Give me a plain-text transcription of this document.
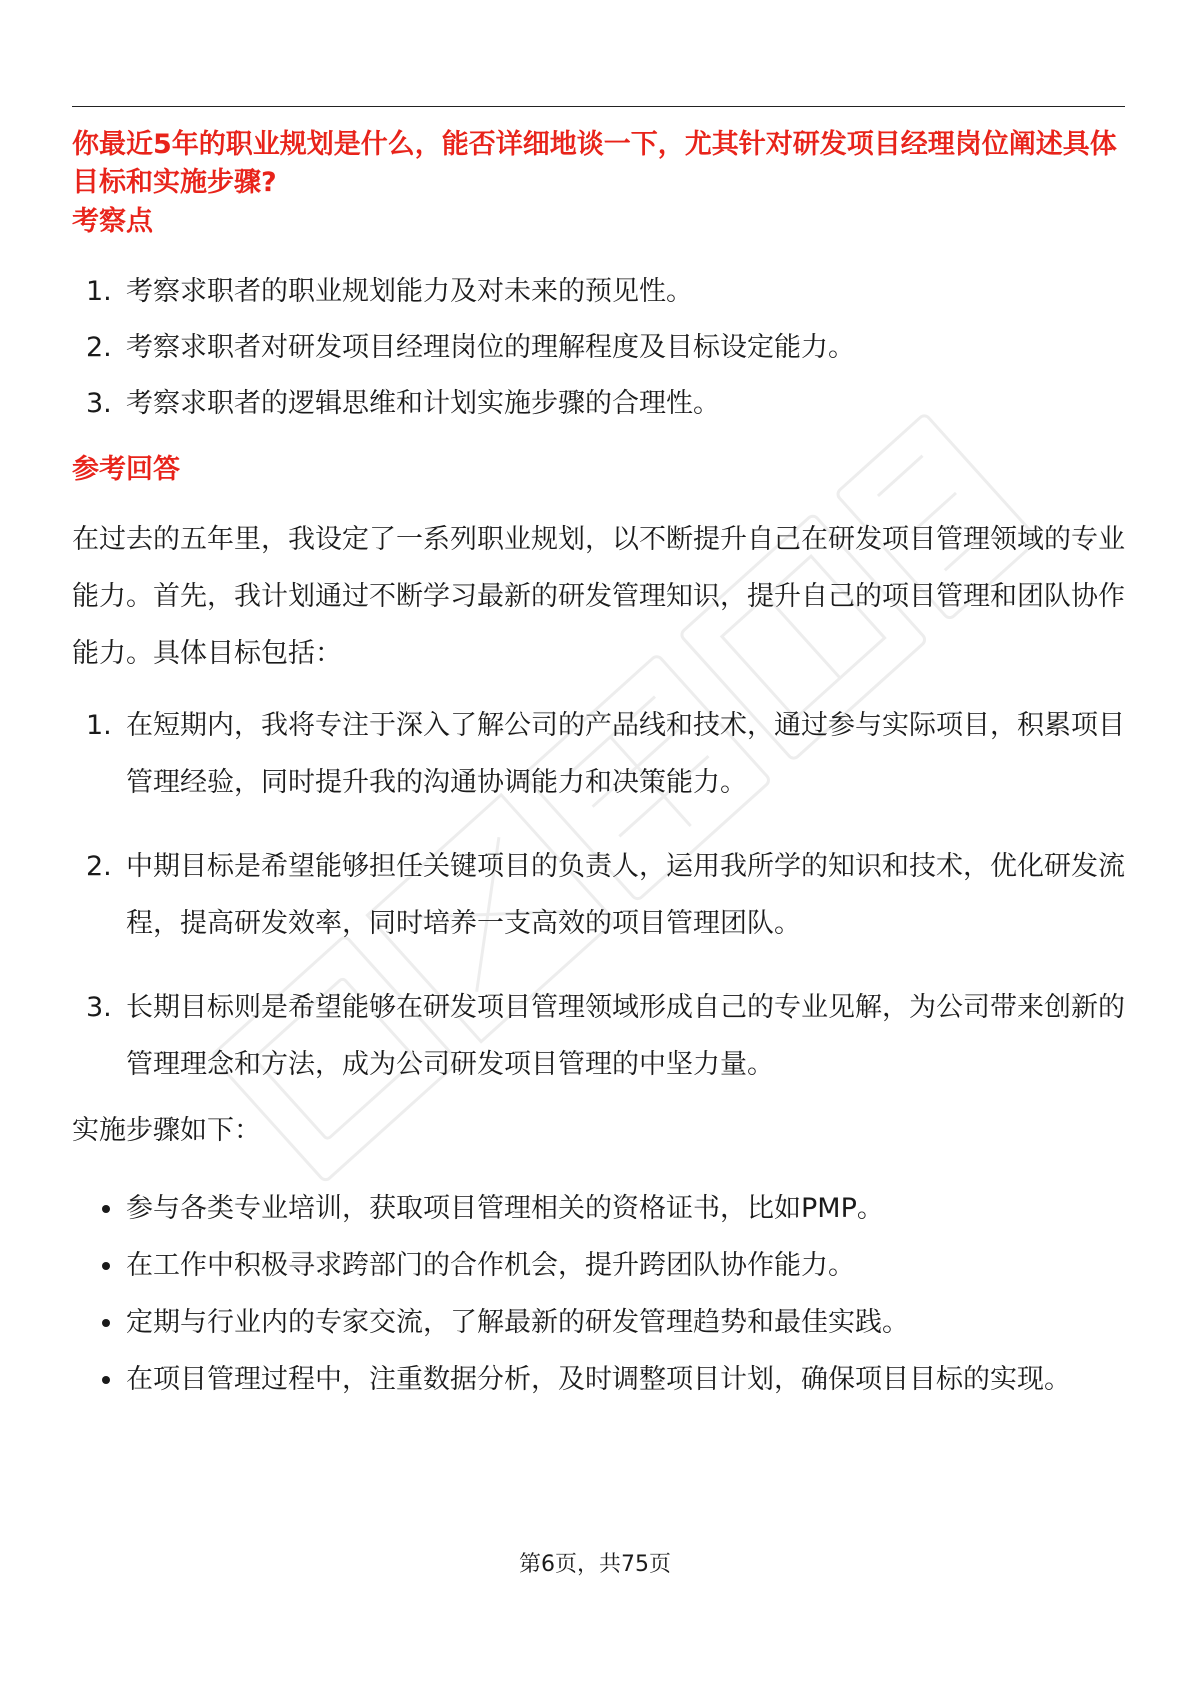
你最近5年的职业规划是什么，能否详细地谈一下，尤其针对研发项目经理岗位阐述具体目标和实施步骤?
考察点
1. 考察求职者的职业规划能力及对未来的预见性。
2. 考察求职者对研发项目经理岗位的理解程度及目标设定能力。
3. 考察求职者的逻辑思维和计划实施步骤的合理性。
参考回答

在过去的五年里，我设定了一系列职业规划，以不断提升自己在研发项目管理领域的专业能力。首先，我计划通过不断学习最新的研发管理知识，提升自己的项目管理和团队协作能力。具体目标包括：

1. 在短期内，我将专注于深入了解公司的产品线和技术，通过参与实际项目，积累项目管理经验，同时提升我的沟通协调能力和决策能力。
2. 中期目标是希望能够担任关键项目的负责人，运用我所学的知识和技术，优化研发流程，提高研发效率，同时培养一支高效的项目管理团队。
3. 长期目标则是希望能够在研发项目管理领域形成自己的专业见解，为公司带来创新的管理理念和方法，成为公司研发项目管理的中坚力量。

实施步骤如下：

参与各类专业培训，获取项目管理相关的资格证书，比如PMP。
在工作中积极寻求跨部门的合作机会，提升跨团队协作能力。
定期与行业内的专家交流，了解最新的研发管理趋势和最佳实践。
在项目管理过程中，注重数据分析，及时调整项目计划，确保项目目标的实现。
第6页，共75页
